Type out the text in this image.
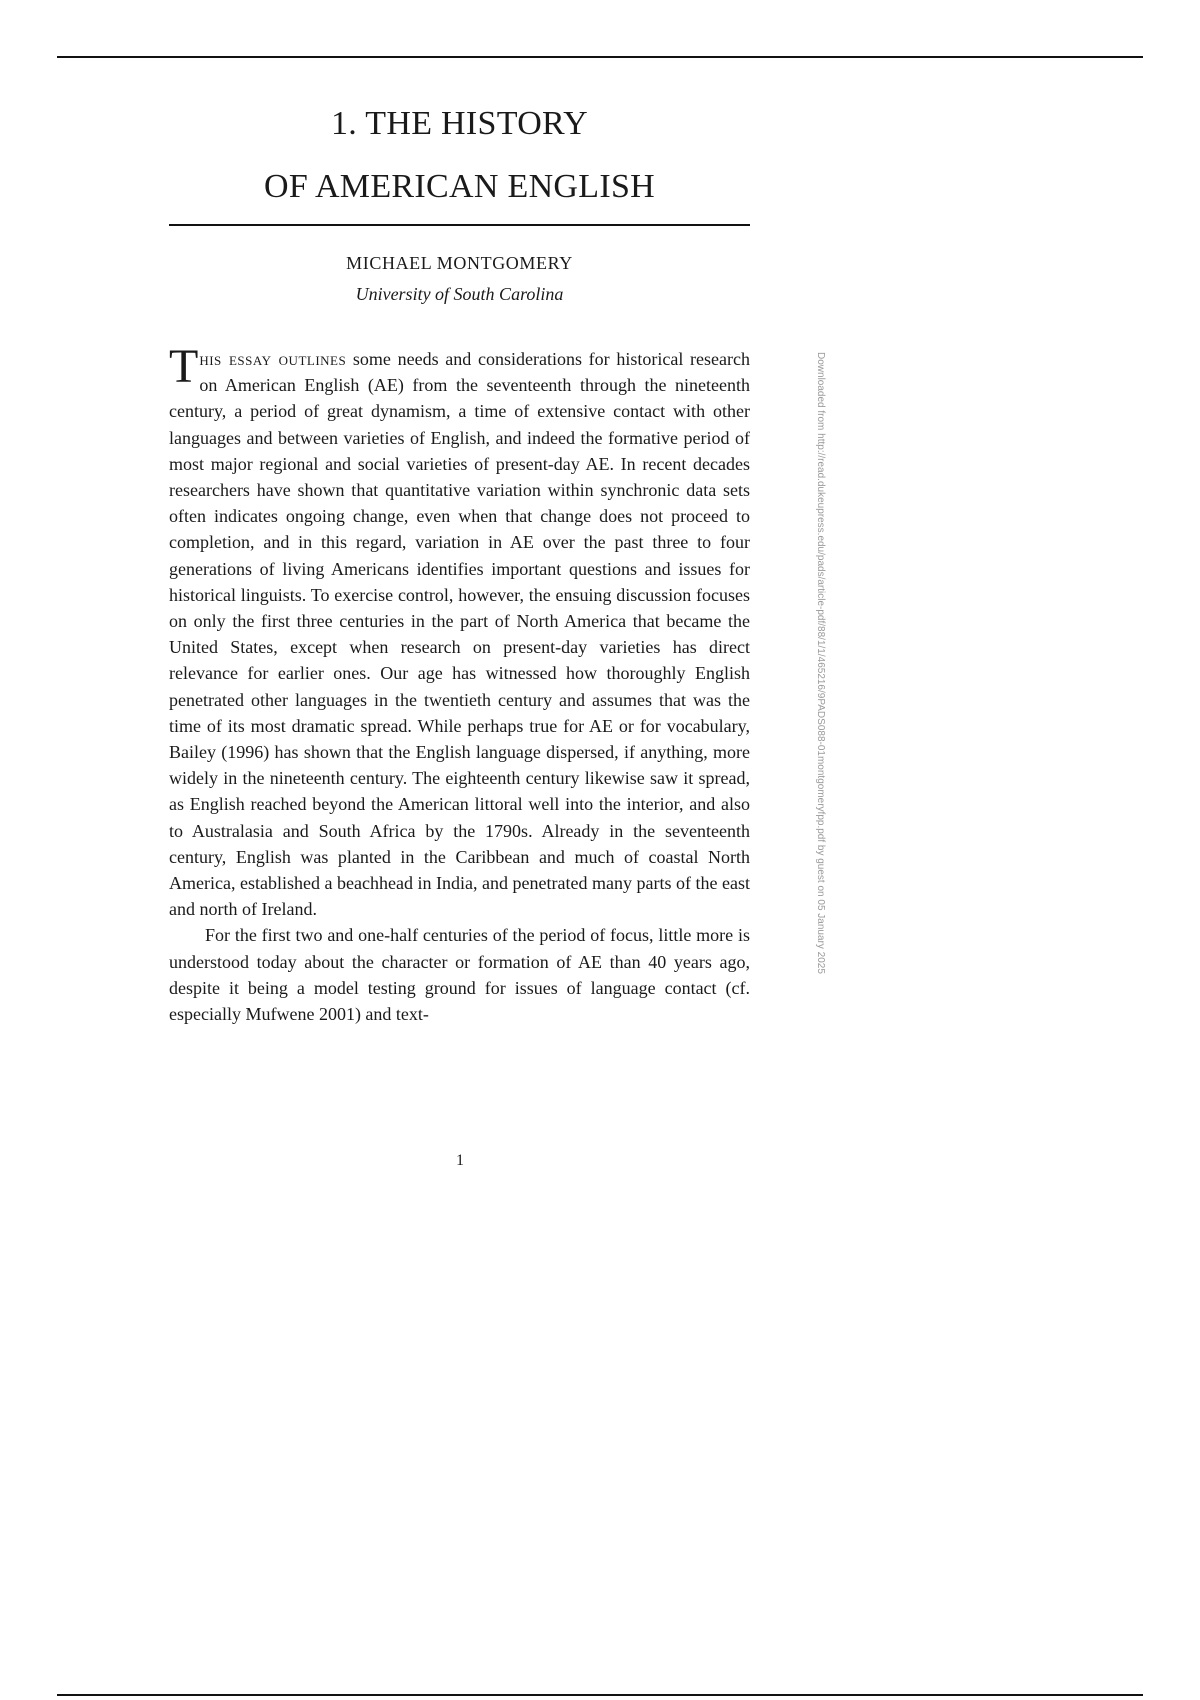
1. THE HISTORY
OF AMERICAN ENGLISH
MICHAEL MONTGOMERY
University of South Carolina

This essay outlines some needs and considerations for historical research on American English (AE) from the seventeenth through the nineteenth century, a period of great dynamism, a time of extensive contact with other languages and between varieties of English, and indeed the formative period of most major regional and social varieties of present-day AE. In recent decades researchers have shown that quantitative variation within synchronic data sets often indicates ongoing change, even when that change does not proceed to completion, and in this regard, variation in AE over the past three to four generations of living Americans identifies important questions and issues for historical linguists. To exercise control, however, the ensuing discussion focuses on only the first three centuries in the part of North America that became the United States, except when research on present-day varieties has direct relevance for earlier ones. Our age has witnessed how thoroughly English penetrated other languages in the twentieth century and assumes that was the time of its most dramatic spread. While perhaps true for AE or for vocabulary, Bailey (1996) has shown that the English language dispersed, if anything, more widely in the nineteenth century. The eighteenth century likewise saw it spread, as English reached beyond the American littoral well into the interior, and also to Australasia and South Africa by the 1790s. Already in the seventeenth century, English was planted in the Caribbean and much of coastal North America, established a beachhead in India, and penetrated many parts of the east and north of Ireland.

For the first two and one-half centuries of the period of focus, little more is understood today about the character or formation of AE than 40 years ago, despite it being a model testing ground for issues of language contact (cf. especially Mufwene 2001) and text-

1
Downloaded from http://read.dukeupress.edu/pads/article-pdf/88/1/1/465216/9PADS088-01montgomeryfpp.pdf by guest on 05 January 2025
